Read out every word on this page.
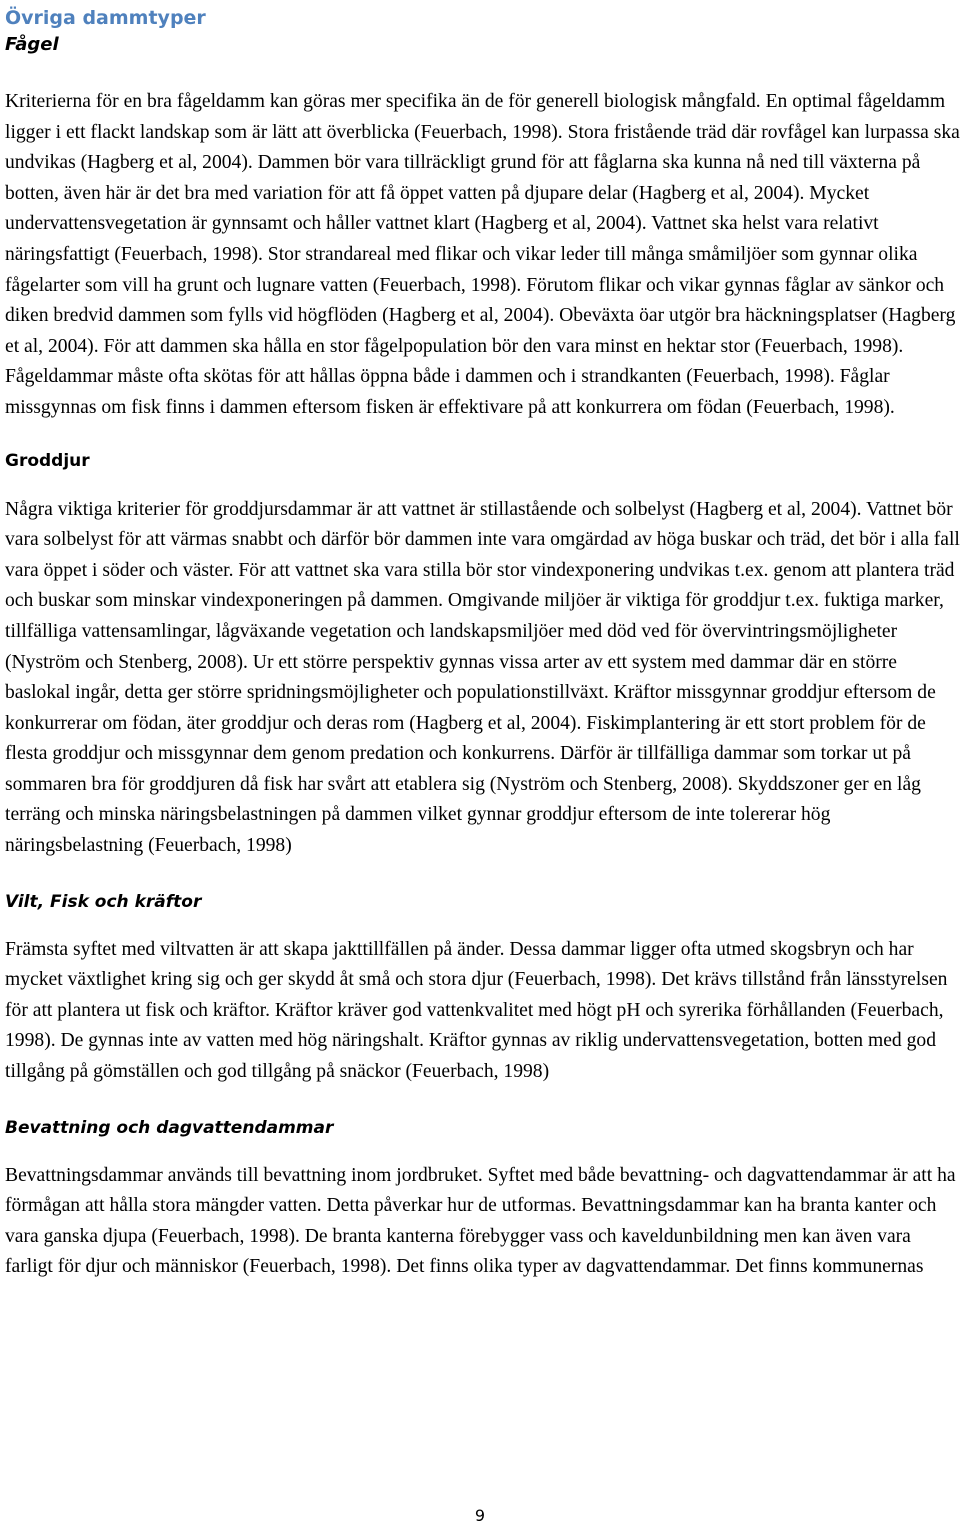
Övriga dammtyper
Fågel

Kriterierna för en bra fågeldamm kan göras mer specifika än de för generell biologisk mångfald. En optimal fågeldamm ligger i ett flackt landskap som är lätt att överblicka (Feuerbach, 1998). Stora fristående träd där rovfågel kan lurpassa ska undvikas (Hagberg et al, 2004). Dammen bör vara tillräckligt grund för att fåglarna ska kunna nå ned till växterna på botten, även här är det bra med variation för att få öppet vatten på djupare delar (Hagberg et al, 2004). Mycket undervattensvegetation är gynnsamt och håller vattnet klart (Hagberg et al, 2004). Vattnet ska helst vara relativt näringsfattigt (Feuerbach, 1998). Stor strandareal med flikar och vikar leder till många småmiljöer som gynnar olika fågelarter som vill ha grunt och lugnare vatten (Feuerbach, 1998). Förutom flikar och vikar gynnas fåglar av sänkor och diken bredvid dammen som fylls vid högflöden (Hagberg et al, 2004). Obeväxta öar utgör bra häckningsplatser (Hagberg et al, 2004). För att dammen ska hålla en stor fågelpopulation bör den vara minst en hektar stor (Feuerbach, 1998). Fågeldammar måste ofta skötas för att hållas öppna både i dammen och i strandkanten (Feuerbach, 1998). Fåglar missgynnas om fisk finns i dammen eftersom fisken är effektivare på att konkurrera om födan (Feuerbach, 1998).

Groddjur

Några viktiga kriterier för groddjursdammar är att vattnet är stillastående och solbelyst (Hagberg et al, 2004). Vattnet bör vara solbelyst för att värmas snabbt och därför bör dammen inte vara omgärdad av höga buskar och träd, det bör i alla fall vara öppet i söder och väster. För att vattnet ska vara stilla bör stor vindexponering undvikas t.ex. genom att plantera träd och buskar som minskar vindexponeringen på dammen. Omgivande miljöer är viktiga för groddjur t.ex. fuktiga marker, tillfälliga vattensamlingar, lågväxande vegetation och landskapsmiljöer med död ved för övervintringsmöjligheter (Nyström och Stenberg, 2008). Ur ett större perspektiv gynnas vissa arter av ett system med dammar där en större baslokal ingår, detta ger större spridningsmöjligheter och populationstillväxt. Kräftor missgynnar groddjur eftersom de konkurrerar om födan, äter groddjur och deras rom (Hagberg et al, 2004). Fiskimplantering är ett stort problem för de flesta groddjur och missgynnar dem genom predation och konkurrens. Därför är tillfälliga dammar som torkar ut på sommaren bra för groddjuren då fisk har svårt att etablera sig (Nyström och Stenberg, 2008). Skyddszoner ger en låg terräng och minska näringsbelastningen på dammen vilket gynnar groddjur eftersom de inte tolererar hög näringsbelastning (Feuerbach, 1998)

Vilt, Fisk och kräftor

Främsta syftet med viltvatten är att skapa jakttillfällen på änder. Dessa dammar ligger ofta utmed skogsbryn och har mycket växtlighet kring sig och ger skydd åt små och stora djur (Feuerbach, 1998). Det krävs tillstånd från länsstyrelsen för att plantera ut fisk och kräftor. Kräftor kräver god vattenkvalitet med högt pH och syrerika förhållanden (Feuerbach, 1998). De gynnas inte av vatten med hög näringshalt. Kräftor gynnas av riklig undervattensvegetation, botten med god tillgång på gömställen och god tillgång på snäckor (Feuerbach, 1998)

Bevattning och dagvattendammar

Bevattningsdammar används till bevattning inom jordbruket. Syftet med både bevattning- och dagvattendammar är att ha förmågan att hålla stora mängder vatten. Detta påverkar hur de utformas. Bevattningsdammar kan ha branta kanter och vara ganska djupa (Feuerbach, 1998). De branta kanterna förebygger vass och kaveldunbildning men kan även vara farligt för djur och människor (Feuerbach, 1998). Det finns olika typer av dagvattendammar. Det finns kommunernas

9
